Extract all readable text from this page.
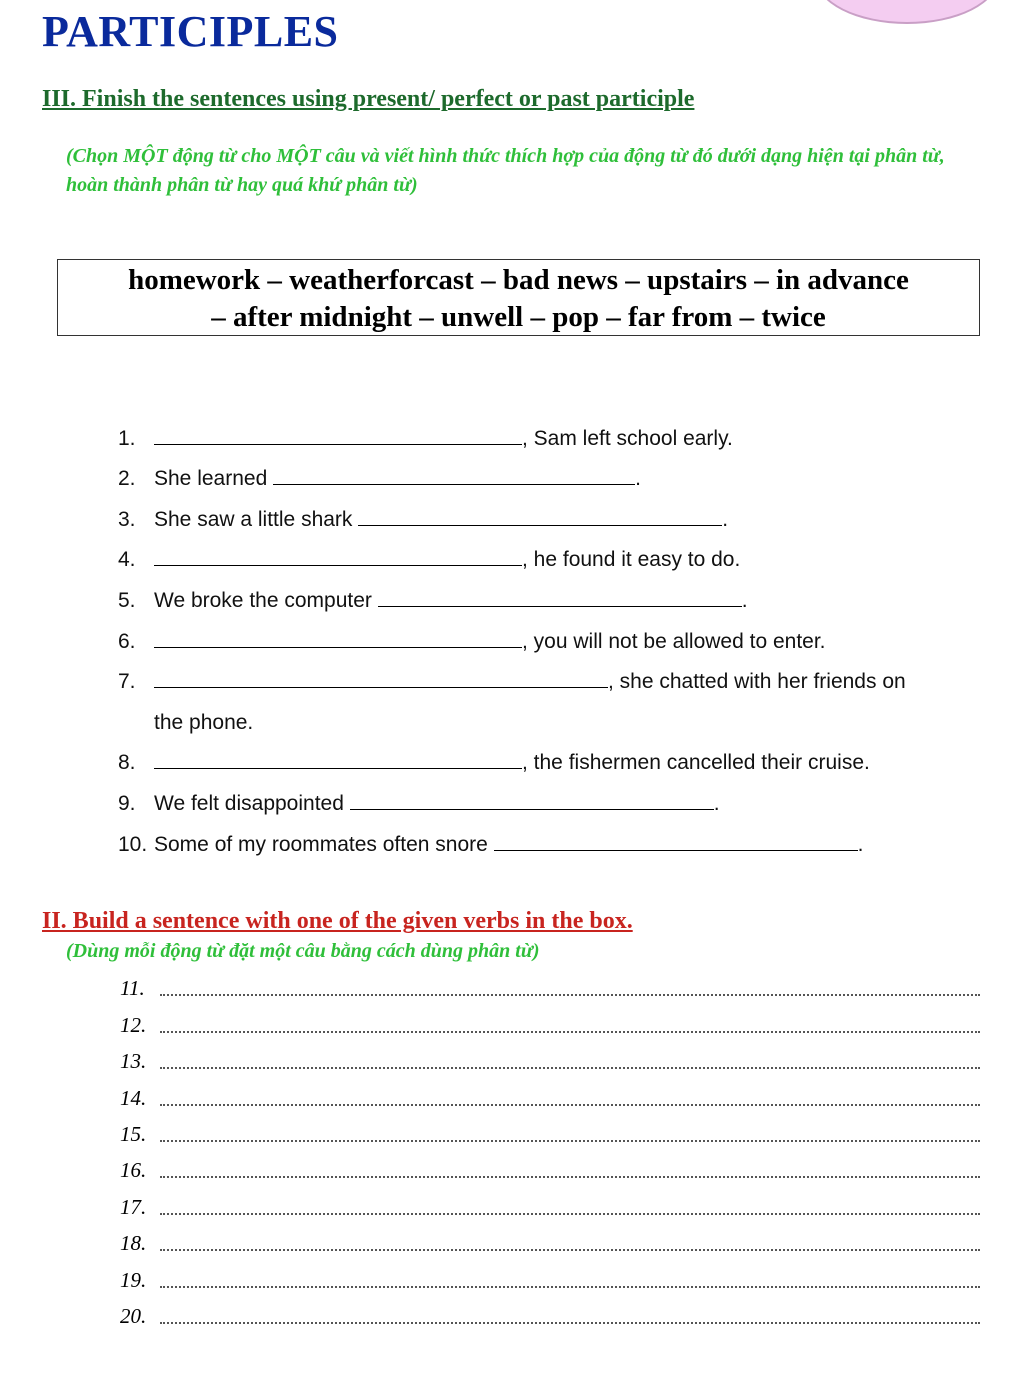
PARTICIPLES
III. Finish the sentences using present/ perfect or past participle
(Chọn MỘT động từ cho MỘT câu và viết hình thức thích hợp của động từ đó dưới dạng hiện tại phân từ, hoàn thành phân từ hay quá khứ phân từ)
homework – weatherforcast – bad news – upstairs – in advance
– after midnight – unwell – pop – far from – twice
1.	, Sam left school early.
2. She learned	.
3. She saw a little shark	.
4.	, he found it easy to do.
5. We broke the computer	.
6.	, you will not be allowed to enter.
7.	, she chatted with her friends on
the phone.
8.	, the fishermen cancelled their cruise.
9. We felt disappointed	.
10. Some of my roommates often snore	.
II. Build a sentence with one of the given verbs in the box.
(Dùng mỗi động từ đặt một câu bằng cách dùng phân từ)
11.
12.
13.
14.
15.
16.
17.
18.
19.
20.
